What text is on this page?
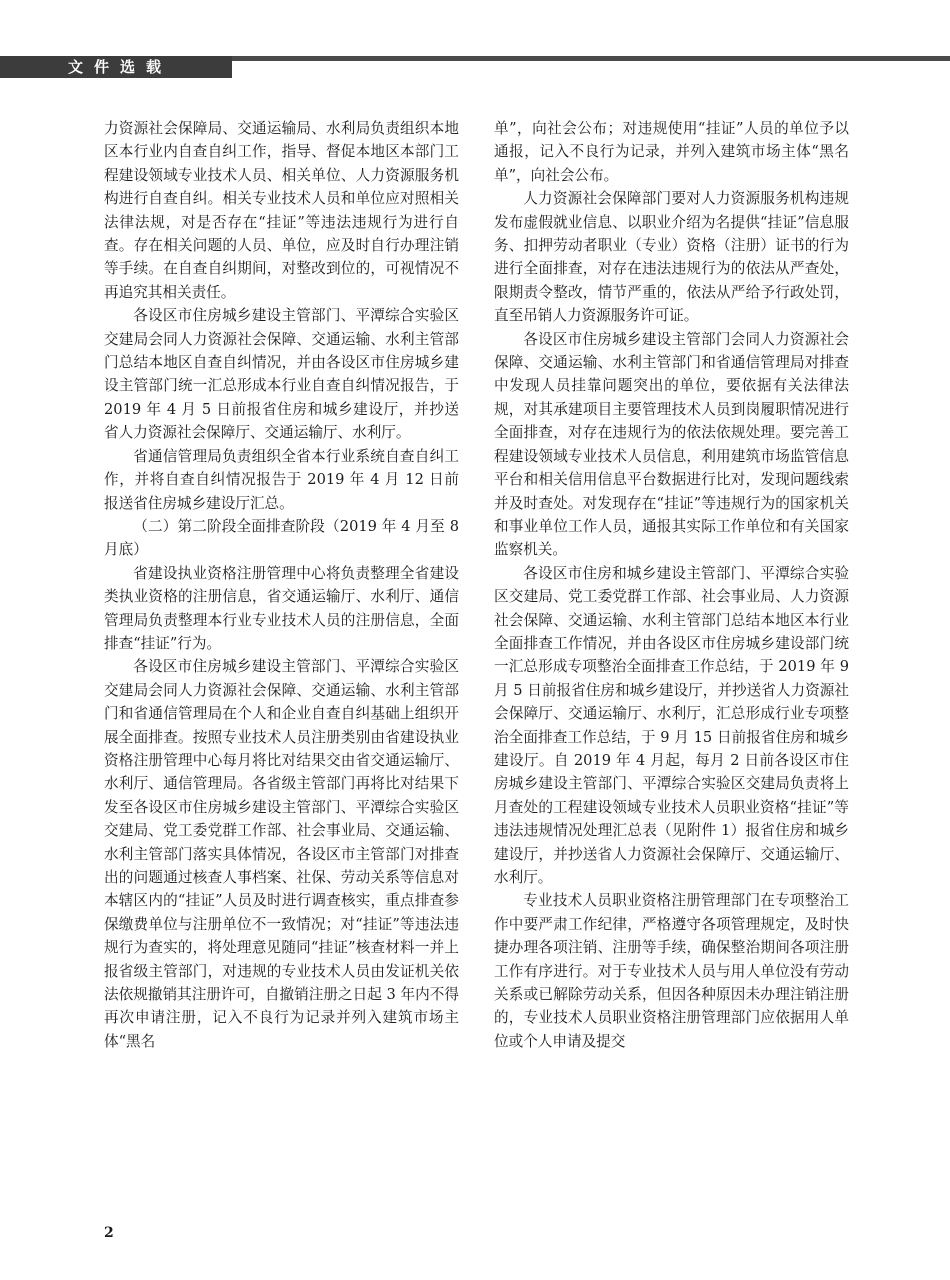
文件选载

力资源社会保障局、交通运输局、水利局负责组织本地区本行业内自查自纠工作，指导、督促本地区本部门工程建设领域专业技术人员、相关单位、人力资源服务机构进行自查自纠。相关专业技术人员和单位应对照相关法律法规，对是否存在“挂证”等违法违规行为进行自查。存在相关问题的人员、单位，应及时自行办理注销等手续。在自查自纠期间，对整改到位的，可视情况不再追究其相关责任。

各设区市住房城乡建设主管部门、平潭综合实验区交建局会同人力资源社会保障、交通运输、水利主管部门总结本地区自查自纠情况，并由各设区市住房城乡建设主管部门统一汇总形成本行业自查自纠情况报告，于 2019 年 4 月 5 日前报省住房和城乡建设厅，并抄送省人力资源社会保障厅、交通运输厅、水利厅。

省通信管理局负责组织全省本行业系统自查自纠工作，并将自查自纠情况报告于 2019 年 4 月 12 日前报送省住房城乡建设厅汇总。

（二）第二阶段全面排查阶段（2019 年 4 月至 8 月底）

省建设执业资格注册管理中心将负责整理全省建设类执业资格的注册信息，省交通运输厅、水利厅、通信管理局负责整理本行业专业技术人员的注册信息，全面排查“挂证”行为。

各设区市住房城乡建设主管部门、平潭综合实验区交建局会同人力资源社会保障、交通运输、水利主管部门和省通信管理局在个人和企业自查自纠基础上组织开展全面排查。按照专业技术人员注册类别由省建设执业资格注册管理中心每月将比对结果交由省交通运输厅、水利厅、通信管理局。各省级主管部门再将比对结果下发至各设区市住房城乡建设主管部门、平潭综合实验区交建局、党工委党群工作部、社会事业局、交通运输、水利主管部门落实具体情况，各设区市主管部门对排查出的问题通过核查人事档案、社保、劳动关系等信息对本辖区内的“挂证”人员及时进行调查核实，重点排查参保缴费单位与注册单位不一致情况；对“挂证”等违法违规行为查实的，将处理意见随同“挂证”核查材料一并上报省级主管部门，对违规的专业技术人员由发证机关依法依规撤销其注册许可，自撤销注册之日起 3 年内不得再次申请注册，记入不良行为记录并列入建筑市场主体“黑名

单”，向社会公布；对违规使用“挂证”人员的单位予以通报，记入不良行为记录，并列入建筑市场主体“黑名单”，向社会公布。

人力资源社会保障部门要对人力资源服务机构违规发布虚假就业信息、以职业介绍为名提供“挂证”信息服务、扣押劳动者职业（专业）资格（注册）证书的行为进行全面排查，对存在违法违规行为的依法从严查处，限期责令整改，情节严重的，依法从严给予行政处罚，直至吊销人力资源服务许可证。

各设区市住房城乡建设主管部门会同人力资源社会保障、交通运输、水利主管部门和省通信管理局对排查中发现人员挂靠问题突出的单位，要依据有关法律法规，对其承建项目主要管理技术人员到岗履职情况进行全面排查，对存在违规行为的依法依规处理。要完善工程建设领域专业技术人员信息，利用建筑市场监管信息平台和相关信用信息平台数据进行比对，发现问题线索并及时查处。对发现存在“挂证”等违规行为的国家机关和事业单位工作人员，通报其实际工作单位和有关国家监察机关。

各设区市住房和城乡建设主管部门、平潭综合实验区交建局、党工委党群工作部、社会事业局、人力资源社会保障、交通运输、水利主管部门总结本地区本行业全面排查工作情况，并由各设区市住房城乡建设部门统一汇总形成专项整治全面排查工作总结，于 2019 年 9 月 5 日前报省住房和城乡建设厅，并抄送省人力资源社会保障厅、交通运输厅、水利厅，汇总形成行业专项整治全面排查工作总结，于 9 月 15 日前报省住房和城乡建设厅。自 2019 年 4 月起，每月 2 日前各设区市住房城乡建设主管部门、平潭综合实验区交建局负责将上月查处的工程建设领域专业技术人员职业资格“挂证”等违法违规情况处理汇总表（见附件 1）报省住房和城乡建设厅，并抄送省人力资源社会保障厅、交通运输厅、水利厅。

专业技术人员职业资格注册管理部门在专项整治工作中要严肃工作纪律，严格遵守各项管理规定，及时快捷办理各项注销、注册等手续，确保整治期间各项注册工作有序进行。对于专业技术人员与用人单位没有劳动关系或已解除劳动关系，但因各种原因未办理注销注册的，专业技术人员职业资格注册管理部门应依据用人单位或个人申请及提交

2
